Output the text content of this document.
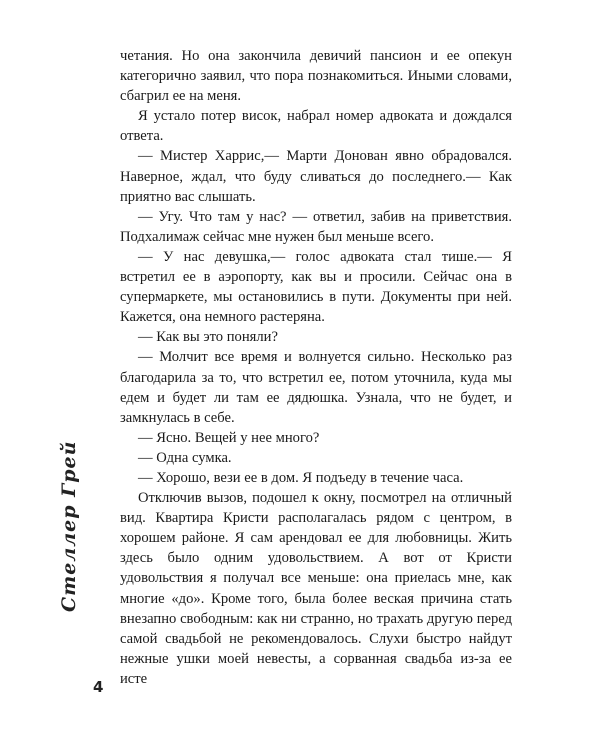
четания. Но она закончила девичий пансион и ее опекун категорично заявил, что пора познакомиться. Иными словами, сбагрил ее на меня.

Я устало потер висок, набрал номер адвоката и дождался ответа.

— Мистер Харрис,— Марти Донован явно обрадовался. Наверное, ждал, что буду сливаться до последнего.— Как приятно вас слышать.

— Угу. Что там у нас? — ответил, забив на приветствия. Подхалимаж сейчас мне нужен был меньше всего.

— У нас девушка,— голос адвоката стал тише.— Я встретил ее в аэропорту, как вы и просили. Сейчас она в супермаркете, мы остановились в пути. Документы при ней. Кажется, она немного растеряна.

— Как вы это поняли?

— Молчит все время и волнуется сильно. Несколько раз благодарила за то, что встретил ее, потом уточнила, куда мы едем и будет ли там ее дядюшка. Узнала, что не будет, и замкнулась в себе.

— Ясно. Вещей у нее много?

— Одна сумка.

— Хорошо, вези ее в дом. Я подъеду в течение часа.

Отключив вызов, подошел к окну, посмотрел на отличный вид. Квартира Кристи располагалась рядом с центром, в хорошем районе. Я сам арендовал ее для любовницы. Жить здесь было одним удовольствием. А вот от Кристи удовольствия я получал все меньше: она приелась мне, как многие «до». Кроме того, была более веская причина стать внезапно свободным: как ни странно, но трахать другую перед самой свадьбой не рекомендовалось. Слухи быстро найдут нежные ушки моей невесты, а сорванная свадьба из-за ее исте

Стеллер Грей
4
